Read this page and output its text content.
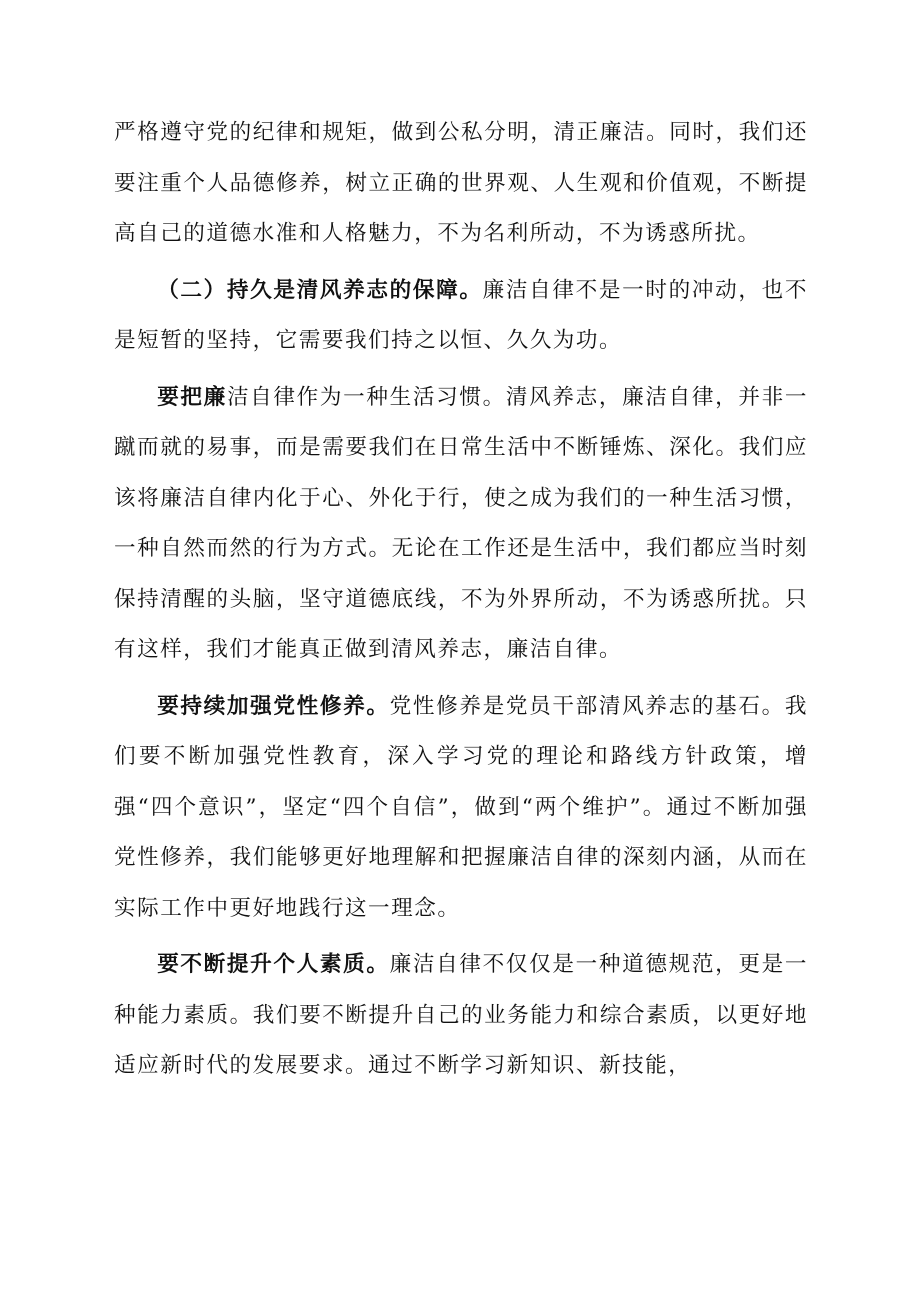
严格遵守党的纪律和规矩，做到公私分明，清正廉洁。同时，我们还要注重个人品德修养，树立正确的世界观、人生观和价值观，不断提高自己的道德水准和人格魅力，不为名利所动，不为诱惑所扰。

（二）持久是清风养志的保障。廉洁自律不是一时的冲动，也不是短暂的坚持，它需要我们持之以恒、久久为功。

要把廉洁自律作为一种生活习惯。清风养志，廉洁自律，并非一蹴而就的易事，而是需要我们在日常生活中不断锤炼、深化。我们应该将廉洁自律内化于心、外化于行，使之成为我们的一种生活习惯，一种自然而然的行为方式。无论在工作还是生活中，我们都应当时刻保持清醒的头脑，坚守道德底线，不为外界所动，不为诱惑所扰。只有这样，我们才能真正做到清风养志，廉洁自律。

要持续加强党性修养。党性修养是党员干部清风养志的基石。我们要不断加强党性教育，深入学习党的理论和路线方针政策，增强“四个意识”，坚定“四个自信”，做到“两个维护”。通过不断加强党性修养，我们能够更好地理解和把握廉洁自律的深刻内涵，从而在实际工作中更好地践行这一理念。

要不断提升个人素质。廉洁自律不仅仅是一种道德规范，更是一种能力素质。我们要不断提升自己的业务能力和综合素质，以更好地适应新时代的发展要求。通过不断学习新知识、新技能，
